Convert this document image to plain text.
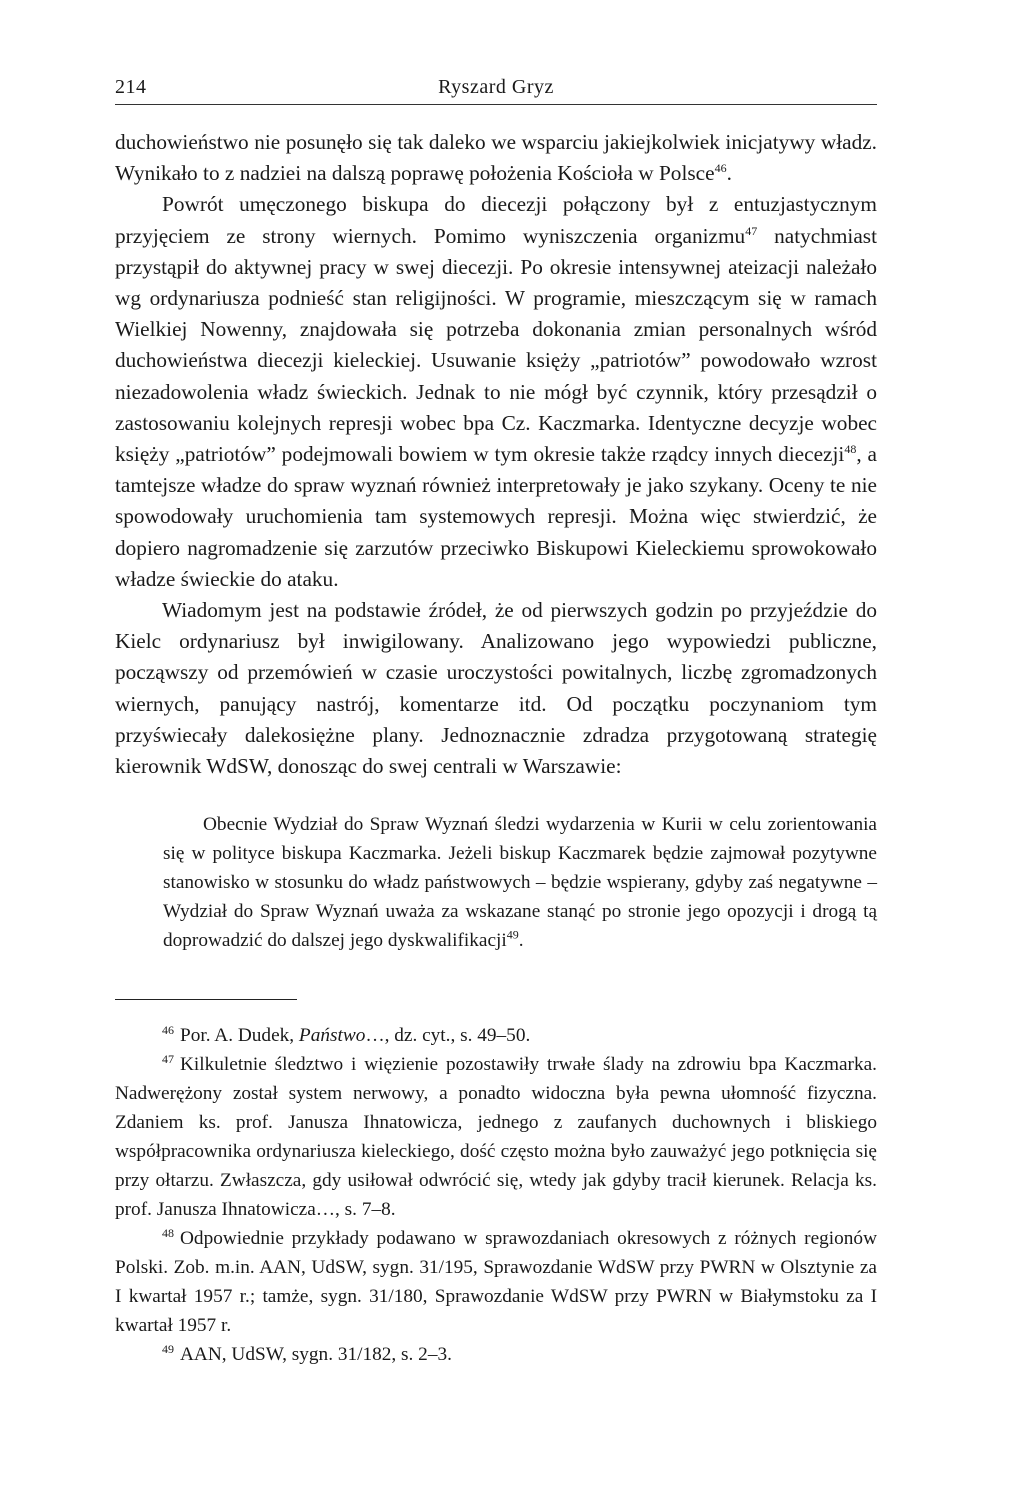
214	Ryszard Gryz

duchowieństwo nie posunęło się tak daleko we wsparciu jakiejkolwiek inicjatywy władz. Wynikało to z nadziei na dalszą poprawę położenia Kościoła w Polsce$^{46}$.

Powrót umęczonego biskupa do diecezji połączony był z entuzjastycznym przyjęciem ze strony wiernych. Pomimo wyniszczenia organizmu$^{47}$ natychmiast przystąpił do aktywnej pracy w swej diecezji. Po okresie intensywnej ateizacji należało wg ordynariusza podnieść stan religijności. W programie, mieszczącym się w ramach Wielkiej Nowenny, znajdowała się potrzeba dokonania zmian personalnych wśród duchowieństwa diecezji kieleckiej. Usuwanie księży „patriotów” powodowało wzrost niezadowolenia władz świeckich. Jednak to nie mógł być czynnik, który przesądził o zastosowaniu kolejnych represji wobec bpa Cz. Kaczmarka. Identyczne decyzje wobec księży „patriotów” podejmowali bowiem w tym okresie także rządcy innych diecezji$^{48}$, a tamtejsze władze do spraw wyznań również interpretowały je jako szykany. Oceny te nie spowodowały uruchomienia tam systemowych represji. Można więc stwierdzić, że dopiero nagromadzenie się zarzutów przeciwko Biskupowi Kieleckiemu sprowokowało władze świeckie do ataku.

Wiadomym jest na podstawie źródeł, że od pierwszych godzin po przyjeździe do Kielc ordynariusz był inwigilowany. Analizowano jego wypowiedzi publiczne, począwszy od przemówień w czasie uroczystości powitalnych, liczbę zgromadzonych wiernych, panujący nastrój, komentarze itd. Od początku poczynaniom tym przyświecały dalekosiężne plany. Jednoznacznie zdradza przygotowaną strategię kierownik WdSW, donosząc do swej centrali w Warszawie:

Obecnie Wydział do Spraw Wyznań śledzi wydarzenia w Kurii w celu zorientowania się w polityce biskupa Kaczmarka. Jeżeli biskup Kaczmarek będzie zajmował pozytywne stanowisko w stosunku do władz państwowych – będzie wspierany, gdyby zaś negatywne – Wydział do Spraw Wyznań uważa za wskazane stanąć po stronie jego opozycji i drogą tą doprowadzić do dalszej jego dyskwalifikacji$^{49}$.

$^{46}$ Por. A. Dudek, Państwo…, dz. cyt., s. 49–50.

$^{47}$ Kilkuletnie śledztwo i więzienie pozostawiły trwałe ślady na zdrowiu bpa Kaczmarka. Nadwerężony został system nerwowy, a ponadto widoczna była pewna ułomność fizyczna. Zdaniem ks. prof. Janusza Ihnatowicza, jednego z zaufanych duchownych i bliskiego współpracownika ordynariusza kieleckiego, dość często można było zauważyć jego potknięcia się przy ołtarzu. Zwłaszcza, gdy usiłował odwrócić się, wtedy jak gdyby tracił kierunek. Relacja ks. prof. Janusza Ihnatowicza…, s. 7–8.

$^{48}$ Odpowiednie przykłady podawano w sprawozdaniach okresowych z różnych regionów Polski. Zob. m.in. AAN, UdSW, sygn. 31/195, Sprawozdanie WdSW przy PWRN w Olsztynie za I kwartał 1957 r.; tamże, sygn. 31/180, Sprawozdanie WdSW przy PWRN w Białymstoku za I kwartał 1957 r.

$^{49}$ AAN, UdSW, sygn. 31/182, s. 2–3.
